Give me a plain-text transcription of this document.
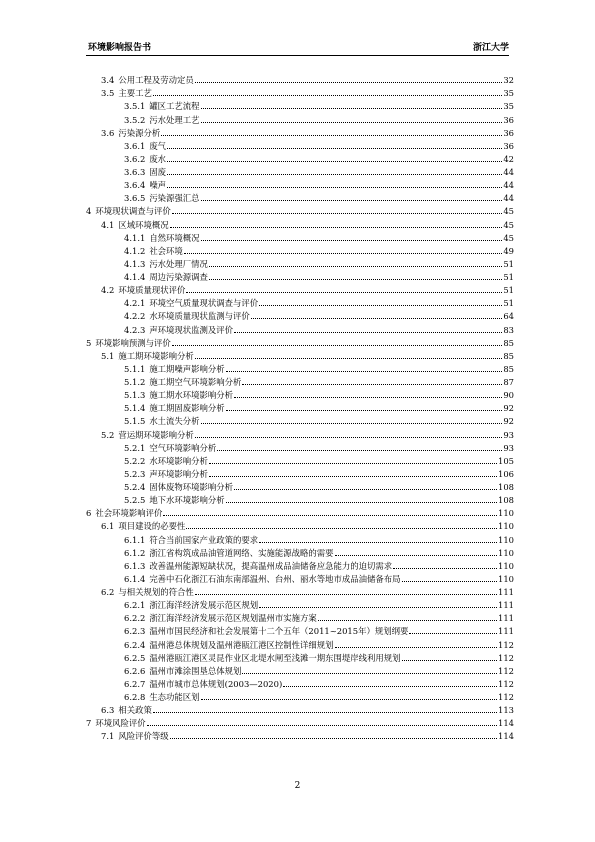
环境影响报告书	浙江大学
3.4 公用工程及劳动定员	32
3.5 主要工艺	35
3.5.1 罐区工艺流程	35
3.5.2 污水处理工艺	36
3.6 污染源分析	36
3.6.1 废气	36
3.6.2 废水	42
3.6.3 固废	44
3.6.4 噪声	44
3.6.5 污染源强汇总	44
4 环境现状调查与评价	45
4.1 区域环境概况	45
4.1.1 自然环境概况	45
4.1.2 社会环境	49
4.1.3 污水处理厂情况	51
4.1.4 周边污染源调查	51
4.2 环境质量现状评价	51
4.2.1 环境空气质量现状调查与评价	51
4.2.2 水环境质量现状监测与评价	64
4.2.3 声环境现状监测及评价	83
5 环境影响预测与评价	85
5.1 施工期环境影响分析	85
5.1.1 施工期噪声影响分析	85
5.1.2 施工期空气环境影响分析	87
5.1.3 施工期水环境影响分析	90
5.1.4 施工期固废影响分析	92
5.1.5 水土流失分析	92
5.2 营运期环境影响分析	93
5.2.1 空气环境影响分析	93
5.2.2 水环境影响分析	105
5.2.3 声环境影响分析	106
5.2.4 固体废物环境影响分析	108
5.2.5 地下水环境影响分析	108
6 社会环境影响评价	110
6.1 项目建设的必要性	110
6.1.1 符合当前国家产业政策的要求	110
6.1.2 浙江省构筑成品油管道网络、实施能源战略的需要	110
6.1.3 改善温州能源短缺状况，提高温州成品油储备应急能力的迫切需求	110
6.1.4 完善中石化浙江石油东南部温州、台州、丽水等地市成品油储备布局	110
6.2 与相关规划的符合性	111
6.2.1 浙江海洋经济发展示范区规划	111
6.2.2 浙江海洋经济发展示范区规划温州市实施方案	111
6.2.3 温州市国民经济和社会发展第十二个五年（2011~2015年）规划纲要	111
6.2.4 温州港总体规划及温州港瓯江港区控制性详细规划	112
6.2.5 温州港瓯江港区灵昆作业区北堤水闸至浅滩一期东围堤岸线利用规划	112
6.2.6 温州市滩涂围垦总体规划	112
6.2.7 温州市城市总体规划(2003—2020)	112
6.2.8 生态功能区划	112
6.3 相关政策	113
7 环境风险评价	114
7.1 风险评价等级	114
2
